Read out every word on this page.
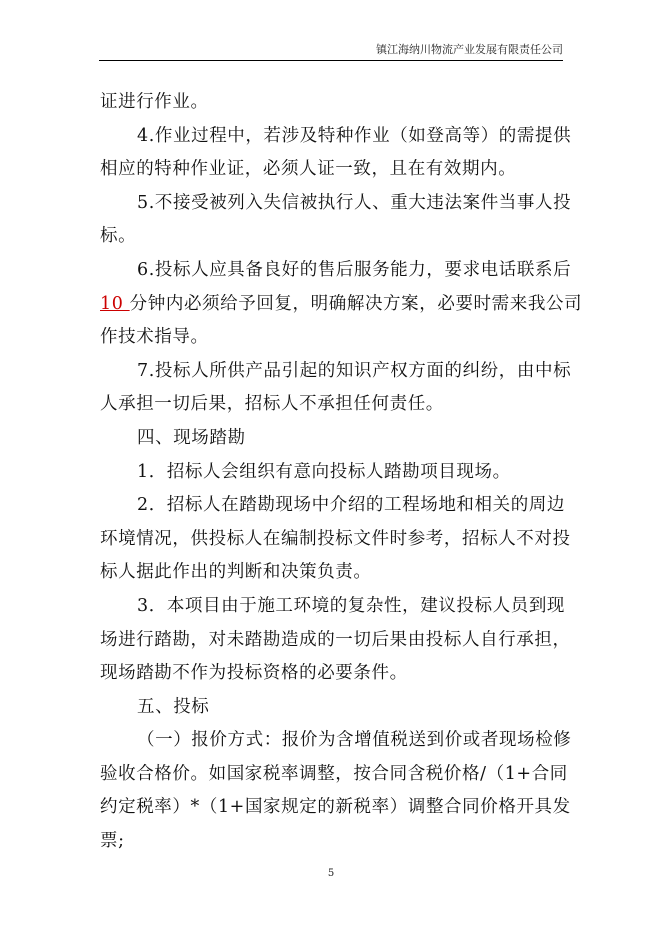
镇江海纳川物流产业发展有限责任公司
证进行作业。
4.作业过程中，若涉及特种作业（如登高等）的需提供
相应的特种作业证，必须人证一致，且在有效期内。
5.不接受被列入失信被执行人、重大违法案件当事人投
标。
6.投标人应具备良好的售后服务能力，要求电话联系后
10 分钟内必须给予回复，明确解决方案，必要时需来我公司
作技术指导。
7.投标人所供产品引起的知识产权方面的纠纷，由中标
人承担一切后果，招标人不承担任何责任。
四、现场踏勘
1．招标人会组织有意向投标人踏勘项目现场。
2．招标人在踏勘现场中介绍的工程场地和相关的周边
环境情况，供投标人在编制投标文件时参考，招标人不对投
标人据此作出的判断和决策负责。
3．本项目由于施工环境的复杂性，建议投标人员到现
场进行踏勘，对未踏勘造成的一切后果由投标人自行承担，
现场踏勘不作为投标资格的必要条件。
五、投标
（一）报价方式：报价为含增值税送到价或者现场检修
验收合格价。如国家税率调整，按合同含税价格/（1+合同
约定税率）*（1+国家规定的新税率）调整合同价格开具发
票;
5
